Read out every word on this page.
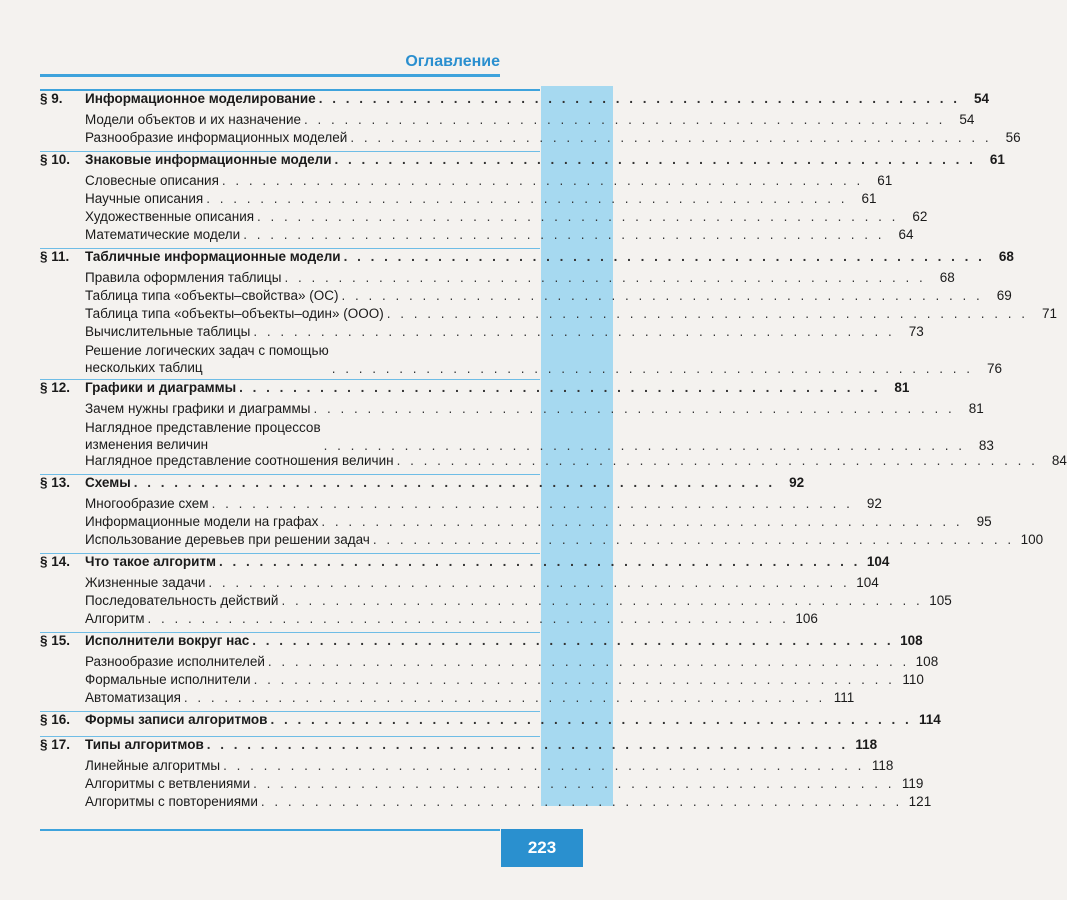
Оглавление
§ 9.	Информационное моделирование . . . . . . . . . . . . . . . . . . . . . . . . . . . . . . . . . . . . . . . . . . . . . . . .	54
Модели объектов и их назначение . . . . . . . . . . . . . . . . . . . . . . . . . . . . . . . . . . . . . . . . . . . . . . . .	54
Разнообразие информационных моделей . . . . . . . . . . . . . . . . . . . . . . . . . . . . . . . . . . . . . . . . . . . . . . . .	56
§ 10.	Знаковые информационные модели . . . . . . . . . . . . . . . . . . . . . . . . . . . . . . . . . . . . . . . . . . . . . . . .	61
Словесные описания . . . . . . . . . . . . . . . . . . . . . . . . . . . . . . . . . . . . . . . . . . . . . . . .	61
Научные описания . . . . . . . . . . . . . . . . . . . . . . . . . . . . . . . . . . . . . . . . . . . . . . . .	61
Художественные описания . . . . . . . . . . . . . . . . . . . . . . . . . . . . . . . . . . . . . . . . . . . . . . . .	62
Математические модели . . . . . . . . . . . . . . . . . . . . . . . . . . . . . . . . . . . . . . . . . . . . . . . .	64
§ 11.	Табличные информационные модели . . . . . . . . . . . . . . . . . . . . . . . . . . . . . . . . . . . . . . . . . . . . . . . .	68
Правила оформления таблицы . . . . . . . . . . . . . . . . . . . . . . . . . . . . . . . . . . . . . . . . . . . . . . . .	68
Таблица типа «объекты–свойства» (ОС) . . . . . . . . . . . . . . . . . . . . . . . . . . . . . . . . . . . . . . . . . . . . . . . .	69
Таблица типа «объекты–объекты–один» (ООО) . . . . . . . . . . . . . . . . . . . . . . . . . . . . . . . . . . . . . . . . . . . . . . . .	71
Вычислительные таблицы . . . . . . . . . . . . . . . . . . . . . . . . . . . . . . . . . . . . . . . . . . . . . . . .	73
Решение логических задач с помощью
нескольких таблиц	. . . . . . . . . . . . . . . . . . . . . . . . . . . . . . . . . . . . . . . . . . . . . . . .	76
§ 12.	Графики и диаграммы . . . . . . . . . . . . . . . . . . . . . . . . . . . . . . . . . . . . . . . . . . . . . . . .	81
Зачем нужны графики и диаграммы . . . . . . . . . . . . . . . . . . . . . . . . . . . . . . . . . . . . . . . . . . . . . . . .	81
Наглядное представление процессов
изменения величин	. . . . . . . . . . . . . . . . . . . . . . . . . . . . . . . . . . . . . . . . . . . . . . . .	83
Наглядное представление соотношения величин . . . . . . . . . . . . . . . . . . . . . . . . . . . . . . . . . . . . . . . . . . . . . . . .	84
§ 13.	Схемы . . . . . . . . . . . . . . . . . . . . . . . . . . . . . . . . . . . . . . . . . . . . . . . .	92
Многообразие схем . . . . . . . . . . . . . . . . . . . . . . . . . . . . . . . . . . . . . . . . . . . . . . . .	92
Информационные модели на графах . . . . . . . . . . . . . . . . . . . . . . . . . . . . . . . . . . . . . . . . . . . . . . . .	95
Использование деревьев при решении задач . . . . . . . . . . . . . . . . . . . . . . . . . . . . . . . . . . . . . . . . . . . . . . . . 100
§ 14.	Что такое алгоритм . . . . . . . . . . . . . . . . . . . . . . . . . . . . . . . . . . . . . . . . . . . . . . . . 104
Жизненные задачи . . . . . . . . . . . . . . . . . . . . . . . . . . . . . . . . . . . . . . . . . . . . . . . . 104
Последовательность действий . . . . . . . . . . . . . . . . . . . . . . . . . . . . . . . . . . . . . . . . . . . . . . . . 105
Алгоритм . . . . . . . . . . . . . . . . . . . . . . . . . . . . . . . . . . . . . . . . . . . . . . . . 106
§ 15.	Исполнители вокруг нас . . . . . . . . . . . . . . . . . . . . . . . . . . . . . . . . . . . . . . . . . . . . . . . . 108
Разнообразие исполнителей . . . . . . . . . . . . . . . . . . . . . . . . . . . . . . . . . . . . . . . . . . . . . . . . 108
Формальные исполнители . . . . . . . . . . . . . . . . . . . . . . . . . . . . . . . . . . . . . . . . . . . . . . . . 110
Автоматизация . . . . . . . . . . . . . . . . . . . . . . . . . . . . . . . . . . . . . . . . . . . . . . . . 111
§ 16.	Формы записи алгоритмов . . . . . . . . . . . . . . . . . . . . . . . . . . . . . . . . . . . . . . . . . . . . . . . . 114
§ 17.	Типы алгоритмов . . . . . . . . . . . . . . . . . . . . . . . . . . . . . . . . . . . . . . . . . . . . . . . . 118
Линейные алгоритмы . . . . . . . . . . . . . . . . . . . . . . . . . . . . . . . . . . . . . . . . . . . . . . . . 118
Алгоритмы с ветвлениями . . . . . . . . . . . . . . . . . . . . . . . . . . . . . . . . . . . . . . . . . . . . . . . . 119
Алгоритмы с повторениями . . . . . . . . . . . . . . . . . . . . . . . . . . . . . . . . . . . . . . . . . . . . . . . . 121
223
